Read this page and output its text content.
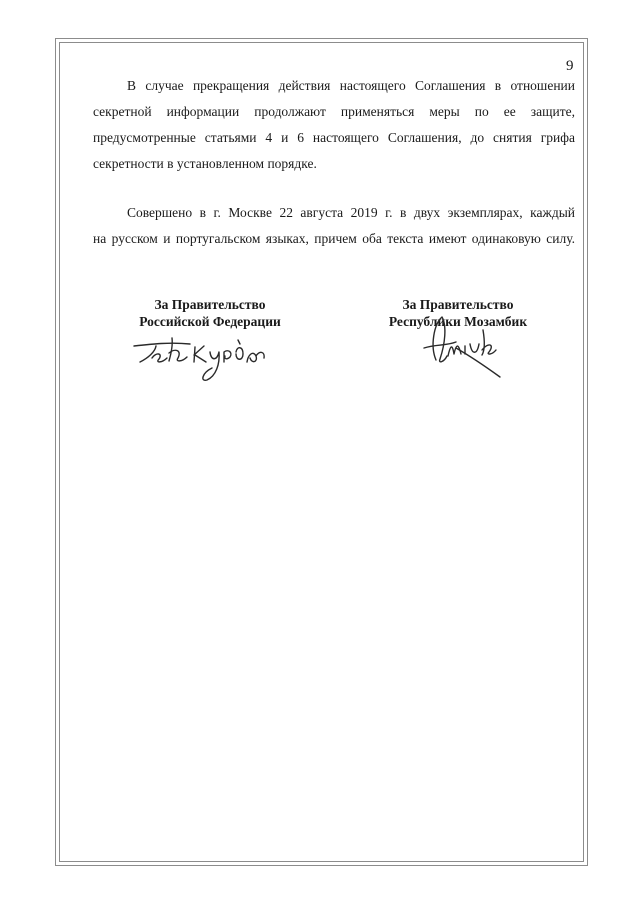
9
В случае прекращения действия настоящего Соглашения в отношении
секретной информации продолжают применяться меры по ее защите,
предусмотренные статьями 4 и 6 настоящего Соглашения, до снятия грифа
секретности в установленном порядке.
Совершено в г. Москве 22 августа 2019 г. в двух экземплярах, каждый
на русском и португальском языках, причем оба текста имеют одинаковую силу.
За Правительство
Российской Федерации
За Правительство
Республики Мозамбик
